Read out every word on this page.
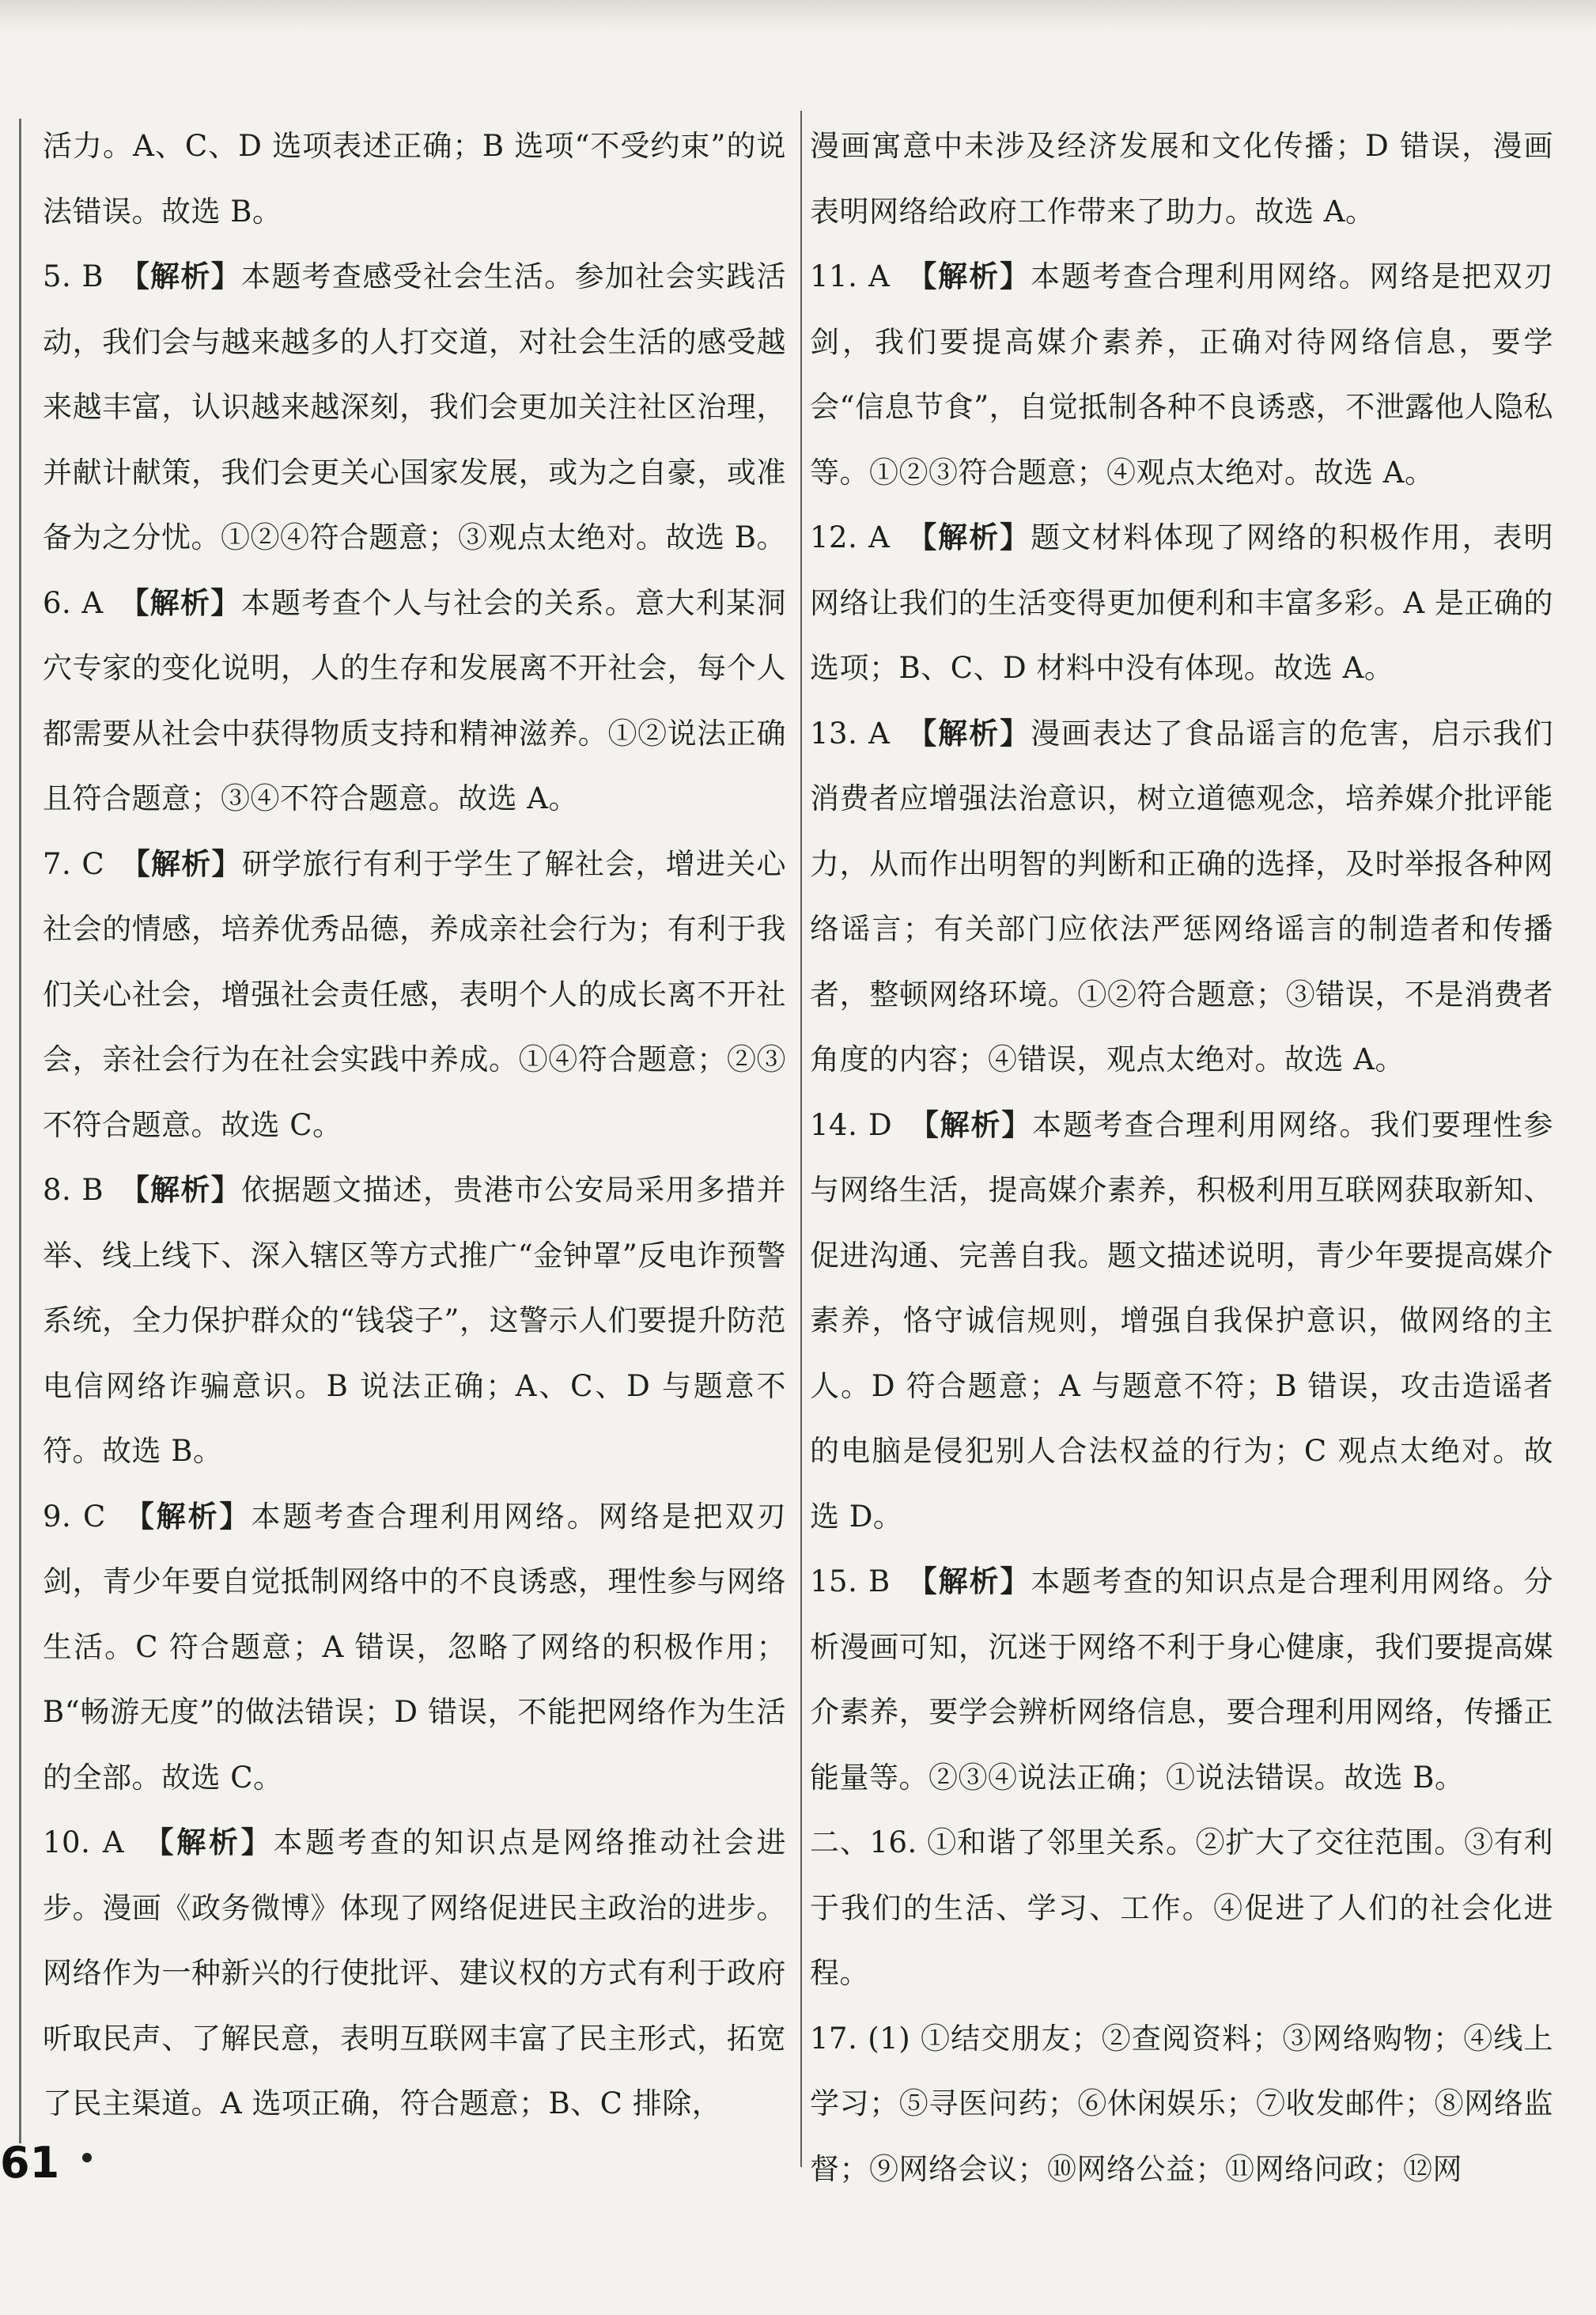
活力。A、C、D 选项表述正确；B 选项“不受约束”的说法错误。故选 B。

5. B　【解析】本题考查感受社会生活。参加社会实践活动，我们会与越来越多的人打交道，对社会生活的感受越来越丰富，认识越来越深刻，我们会更加关注社区治理，并献计献策，我们会更关心国家发展，或为之自豪，或准备为之分忧。①②④符合题意；③观点太绝对。故选 B。

6. A　【解析】本题考查个人与社会的关系。意大利某洞穴专家的变化说明，人的生存和发展离不开社会，每个人都需要从社会中获得物质支持和精神滋养。①②说法正确且符合题意；③④不符合题意。故选 A。

7. C　【解析】研学旅行有利于学生了解社会，增进关心社会的情感，培养优秀品德，养成亲社会行为；有利于我们关心社会，增强社会责任感，表明个人的成长离不开社会，亲社会行为在社会实践中养成。①④符合题意；②③不符合题意。故选 C。

8. B　【解析】依据题文描述，贵港市公安局采用多措并举、线上线下、深入辖区等方式推广“金钟罩”反电诈预警系统，全力保护群众的“钱袋子”，这警示人们要提升防范电信网络诈骗意识。B 说法正确；A、C、D 与题意不符。故选 B。

9. C　【解析】本题考查合理利用网络。网络是把双刃剑，青少年要自觉抵制网络中的不良诱惑，理性参与网络生活。C 符合题意；A 错误，忽略了网络的积极作用；B“畅游无度”的做法错误；D 错误，不能把网络作为生活的全部。故选 C。

10. A　【解析】本题考查的知识点是网络推动社会进步。漫画《政务微博》体现了网络促进民主政治的进步。网络作为一种新兴的行使批评、建议权的方式有利于政府听取民声、了解民意，表明互联网丰富了民主形式，拓宽了民主渠道。A 选项正确，符合题意；B、C 排除，

漫画寓意中未涉及经济发展和文化传播；D 错误，漫画表明网络给政府工作带来了助力。故选 A。

11. A　【解析】本题考查合理利用网络。网络是把双刃剑，我们要提高媒介素养，正确对待网络信息，要学会“信息节食”，自觉抵制各种不良诱惑，不泄露他人隐私等。①②③符合题意；④观点太绝对。故选 A。

12. A　【解析】题文材料体现了网络的积极作用，表明网络让我们的生活变得更加便利和丰富多彩。A 是正确的选项；B、C、D 材料中没有体现。故选 A。

13. A　【解析】漫画表达了食品谣言的危害，启示我们消费者应增强法治意识，树立道德观念，培养媒介批评能力，从而作出明智的判断和正确的选择，及时举报各种网络谣言；有关部门应依法严惩网络谣言的制造者和传播者，整顿网络环境。①②符合题意；③错误，不是消费者角度的内容；④错误，观点太绝对。故选 A。

14. D　【解析】本题考查合理利用网络。我们要理性参与网络生活，提高媒介素养，积极利用互联网获取新知、促进沟通、完善自我。题文描述说明，青少年要提高媒介素养，恪守诚信规则，增强自我保护意识，做网络的主人。D 符合题意；A 与题意不符；B 错误，攻击造谣者的电脑是侵犯别人合法权益的行为；C 观点太绝对。故选 D。

15. B　【解析】本题考查的知识点是合理利用网络。分析漫画可知，沉迷于网络不利于身心健康，我们要提高媒介素养，要学会辨析网络信息，要合理利用网络，传播正能量等。②③④说法正确；①说法错误。故选 B。

二、16. ①和谐了邻里关系。②扩大了交往范围。③有利于我们的生活、学习、工作。④促进了人们的社会化进程。

17. (1) ①结交朋友；②查阅资料；③网络购物；④线上学习；⑤寻医问药；⑥休闲娱乐；⑦收发邮件；⑧网络监督；⑨网络会议；⑩网络公益；⑪网络问政；⑫网

61
